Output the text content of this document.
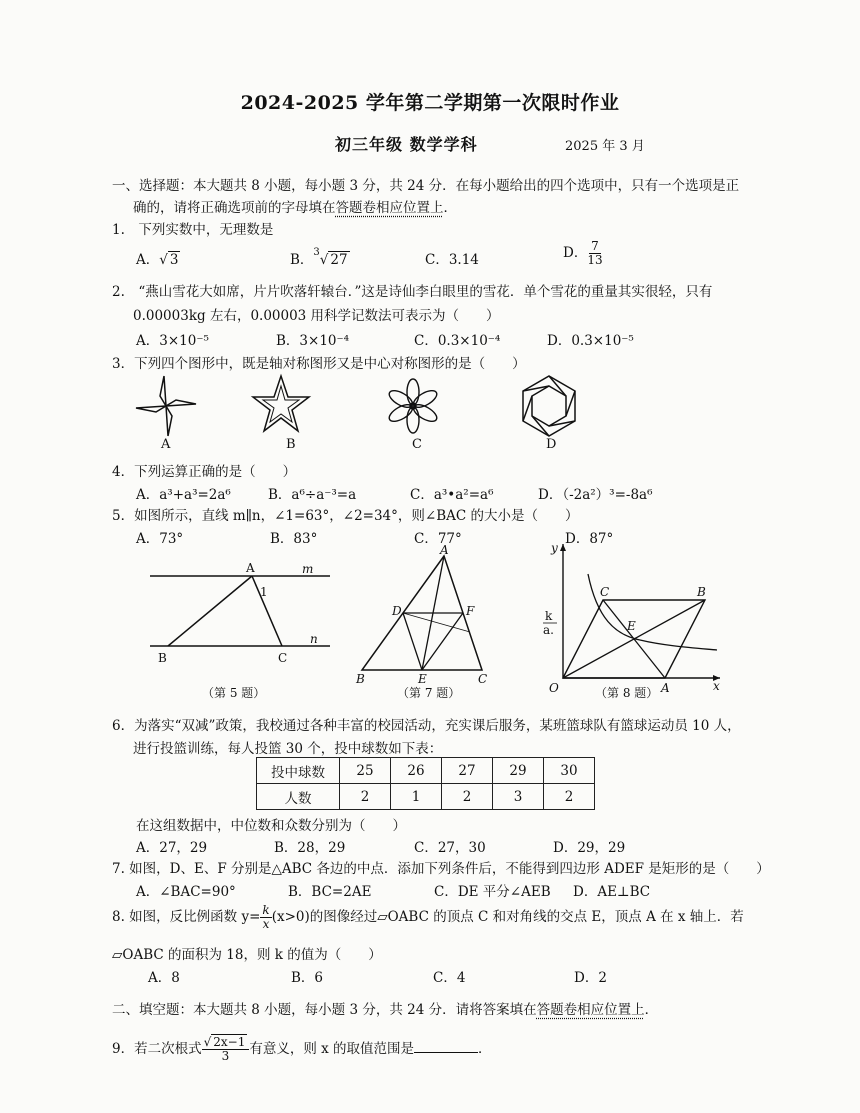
2024-2025 学年第二学期第一次限时作业
初三年级 数学学科	2025 年 3 月
一、选择题：本大题共 8 小题，每小题 3 分，共 24 分．在每小题给出的四个选项中，只有一个选项是正
确的，请将正确选项前的字母填在答题卷相应位置上．
1.　下列实数中，无理数是
A．√ 3	B．$^3$√ 27	C．3.14	D． $\frac{7}{13}$
2.　“燕山雪花大如席，片片吹落轩辕台．”这是诗仙李白眼里的雪花．单个雪花的重量其实很轻，只有
0.00003kg 左右，0.00003 用科学记数法可表示为（　　）
A．3×10⁻⁵	B．3×10⁻⁴	C．0.3×10⁻⁴	D．0.3×10⁻⁵
3．下列四个图形中，既是轴对称图形又是中心对称图形的是（　　）
A	B	C	D
4．下列运算正确的是（　　）
A．a³+a³=2a⁶	B．a⁶÷a⁻³=a	C．a³•a²=a⁶	D．（-2a²）³=-8a⁶
5．如图所示，直线 m∥n，∠1=63°，∠2=34°，则∠BAC 的大小是（　　）
A．73°	B．83°	C．77°	D．87°
A	m
1
B	C
n
（第 5 题）
A
D	F
B	E	C
（第 7 题）
y
C	B
E
O	A	x
k
a.
（第 8 题）
6．为落实“双减”政策，我校通过各种丰富的校园活动，充实课后服务，某班篮球队有篮球运动员 10 人，
进行投篮训练，每人投篮 30 个，投中球数如下表：
投中球数	25	26	27	29	30
人数	2	1	2	3	2
在这组数据中，中位数和众数分别为（　　）
A．27，29	B．28，29	C．27，30	D．29，29
7. 如图，D、E、F 分别是△ABC 各边的中点．添加下列条件后，不能得到四边形 ADEF 是矩形的是（　　）
A．∠BAC=90°	B．BC=2AE	C．DE 平分∠AEB D．AE⊥BC
8. 如图，反比例函数 $y= \frac{k}{x} (x>0)$的图像经过▱OABC 的顶点 C 和对角线的交点 E，顶点 A 在 x 轴上．若
▱OABC 的面积为 18，则 k 的值为（　　）
A．8	B．6	C．4	D．2
二、填空题：本大题共 8 小题，每小题 3 分，共 24 分．请将答案填在答题卷相应位置上．
9．若二次根式 $\frac{√ 2x-1}{3}$ 有意义，则 x 的取值范围是	．
